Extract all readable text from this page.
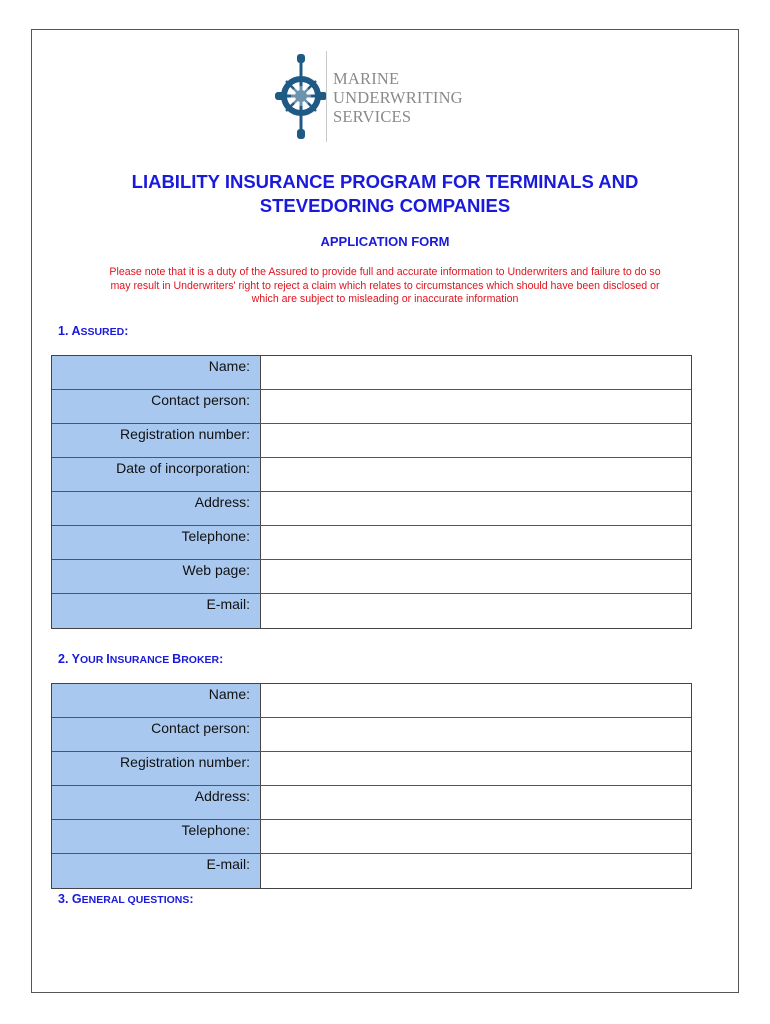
MARINE
UNDERWRITING
SERVICES
LIABILITY INSURANCE PROGRAM FOR TERMINALS AND
STEVEDORING COMPANIES
APPLICATION FORM
Please note that it is a duty of the Assured to provide full and accurate information to Underwriters and failure to do so
may result in Underwriters' right to reject a claim which relates to circumstances which should have been disclosed or
which are subject to misleading or inaccurate information
1. ASSURED:
Name:
Contact person:
Registration number:
Date of incorporation:
Address:
Telephone:
Web page:
E-mail:
2. YOUR INSURANCE BROKER:
Name:
Contact person:
Registration number:
Address:
Telephone:
E-mail:
3. GENERAL QUESTIONS:
